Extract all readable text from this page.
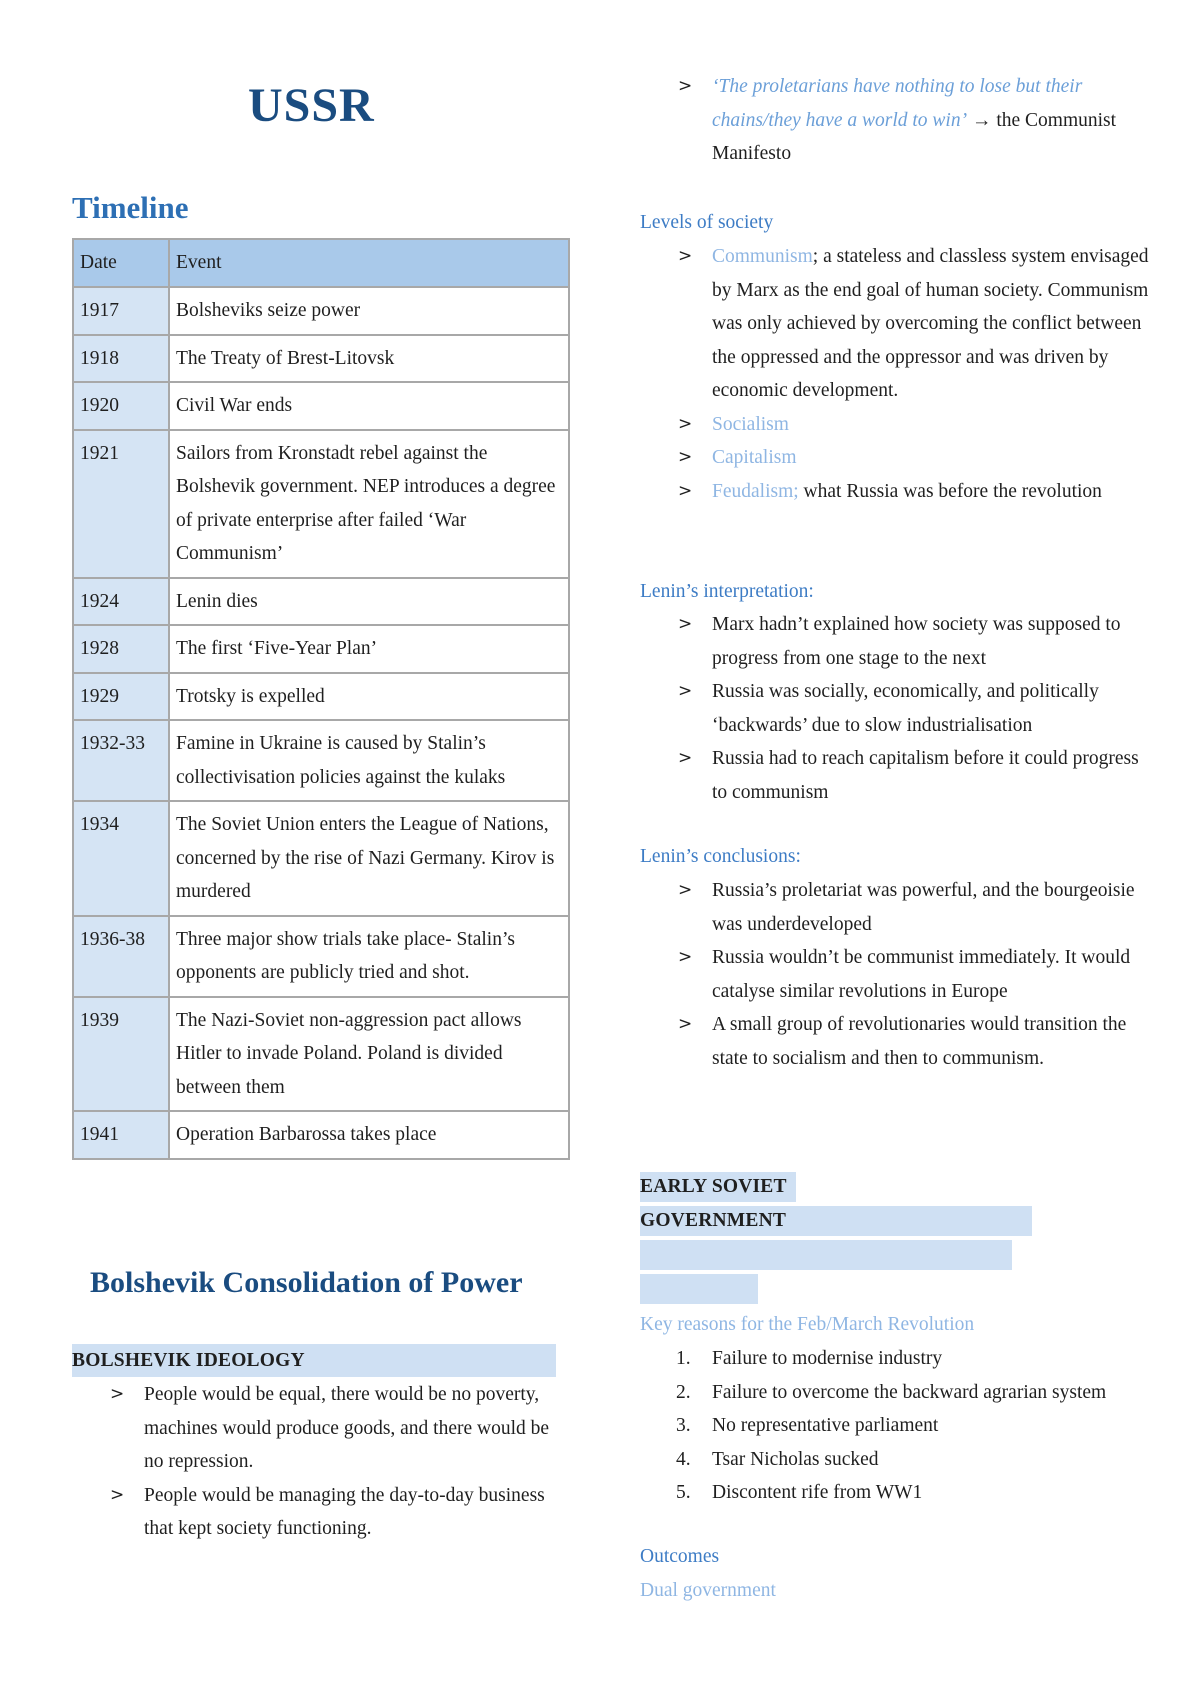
USSR
Timeline
Date	Event
1917	Bolsheviks seize power
1918	The Treaty of Brest-Litovsk
1920	Civil War ends
1921	Sailors from Kronstadt rebel against the Bolshevik government. NEP introduces a degree of private enterprise after failed ‘War Communism’
1924	Lenin dies
1928	The first ‘Five-Year Plan’
1929	Trotsky is expelled
1932-33	Famine in Ukraine is caused by Stalin’s collectivisation policies against the kulaks
1934	The Soviet Union enters the League of Nations, concerned by the rise of Nazi Germany. Kirov is murdered
1936-38	Three major show trials take place- Stalin’s opponents are publicly tried and shot.
1939	The Nazi-Soviet non-aggression pact allows Hitler to invade Poland. Poland is divided between them
1941	Operation Barbarossa takes place
Bolshevik Consolidation of Power
BOLSHEVIK IDEOLOGY
> People would be equal, there would be no poverty, machines would produce goods, and there would be no repression.
> People would be managing the day-to-day business that kept society functioning.
> ‘The proletarians have nothing to lose but their chains/they have a world to win’ → the Communist Manifesto
Levels of society
> Communism; a stateless and classless system envisaged by Marx as the end goal of human society. Communism was only achieved by overcoming the conflict between the oppressed and the oppressor and was driven by economic development.
> Socialism
> Capitalism
> Feudalism; what Russia was before the revolution
Lenin’s interpretation:
> Marx hadn’t explained how society was supposed to progress from one stage to the next
> Russia was socially, economically, and politically ‘backwards’ due to slow industrialisation
> Russia had to reach capitalism before it could progress to communism
Lenin’s conclusions:
> Russia’s proletariat was powerful, and the bourgeoisie was underdeveloped
> Russia wouldn’t be communist immediately. It would catalyse similar revolutions in Europe
> A small group of revolutionaries would transition the state to socialism and then to communism.
EARLY SOVIET
GOVERNMENT
Key reasons for the Feb/March Revolution
1. Failure to modernise industry
2. Failure to overcome the backward agrarian system
3. No representative parliament
4. Tsar Nicholas sucked
5. Discontent rife from WW1
Outcomes
Dual government
